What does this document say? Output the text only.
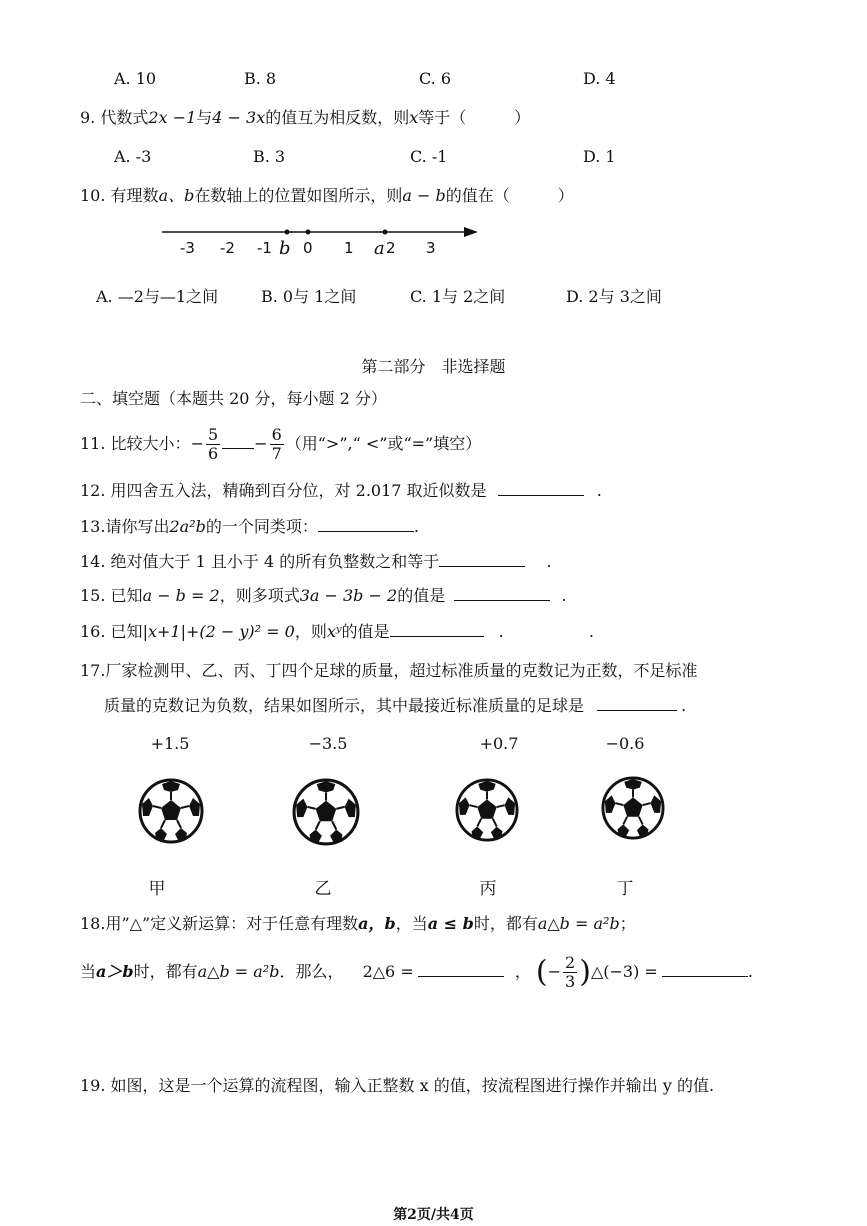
A. 10	B. 8	C. 6	D. 4
9. 代数式2x −1与4 − 3x的值互为相反数，则x等于（　　　）
A. -3	B. 3	C. -1	D. 1
10. 有理数a、b在数轴上的位置如图所示，则a − b的值在（　　　）
-3 -2 -1 0 1 2 3
b	a
A. —2与—1之间	B. 0与 1之间	C. 1与 2之间	D. 2与 3之间
第二部分　非选择题
二、填空题（本题共 20 分，每小题 2 分）
11. 比较大小：− $\frac{5}{6} - \frac{6}{7}$ （用“>”,“ <”或“=”填空）
12. 用四舍五入法，精确到百分位，对 2.017 取近似数是	.
13.请你写出2a²b的一个同类项：	.
14. 绝对值大于 1 且小于 4 的所有负整数之和等于	.
15. 已知a − b = 2，则多项式3a − 3b − 2的值是	.
16. 已知|x+1|+(2 − y)² = 0，则xʸ的值是	.	.
17.厂家检测甲、乙、丙、丁四个足球的质量，超过标准质量的克数记为正数，不足标准
质量的克数记为负数，结果如图所示，其中最接近标准质量的足球是	.
+1.5	−3.5	+0.7	−0.6
甲	乙	丙	丁
18.用”△”定义新运算：对于任意有理数a，b，当a ≤ b时，都有a△b = a²b；
当a＞b时，都有a△b = a²b．那么， 2△6 =	， (− $\frac{2}{3}$ )△(−3) =	.
19. 如图，这是一个运算的流程图，输入正整数 x 的值，按流程图进行操作并输出 y 的值.
第2页/共4页
